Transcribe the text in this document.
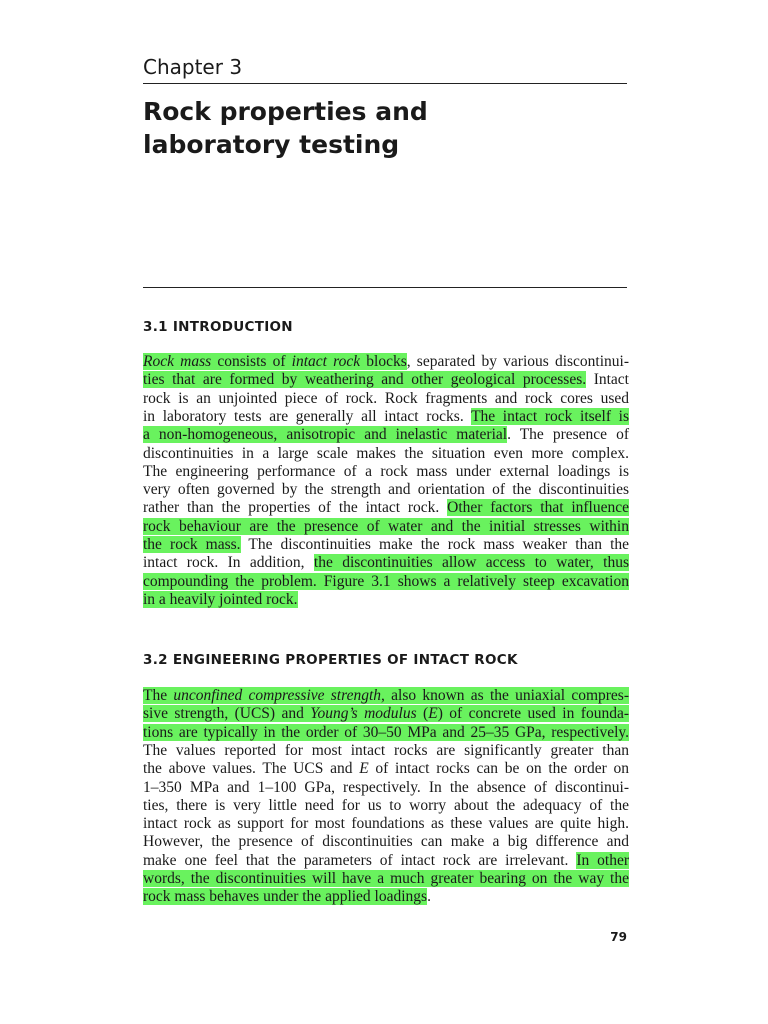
Chapter 3
Rock properties and
laboratory testing
3.1 INTRODUCTION
Rock mass consists of intact rock blocks, separated by various discontinui-
ties that are formed by weathering and other geological processes. Intact
rock is an unjointed piece of rock. Rock fragments and rock cores used
in laboratory tests are generally all intact rocks. The intact rock itself is
a non-homogeneous, anisotropic and inelastic material. The presence of
discontinuities in a large scale makes the situation even more complex.
The engineering performance of a rock mass under external loadings is
very often governed by the strength and orientation of the discontinuities
rather than the properties of the intact rock. Other factors that influence
rock behaviour are the presence of water and the initial stresses within
the rock mass. The discontinuities make the rock mass weaker than the
intact rock. In addition, the discontinuities allow access to water, thus
compounding the problem. Figure 3.1 shows a relatively steep excavation
in a heavily jointed rock.
3.2 ENGINEERING PROPERTIES OF INTACT ROCK
The unconfined compressive strength, also known as the uniaxial compres-
sive strength, (UCS) and Young’s modulus (E) of concrete used in founda-
tions are typically in the order of 30–50 MPa and 25–35 GPa, respectively.
The values reported for most intact rocks are significantly greater than
the above values. The UCS and E of intact rocks can be on the order on
1–350 MPa and 1–100 GPa, respectively. In the absence of discontinui-
ties, there is very little need for us to worry about the adequacy of the
intact rock as support for most foundations as these values are quite high.
However, the presence of discontinuities can make a big difference and
make one feel that the parameters of intact rock are irrelevant. In other
words, the discontinuities will have a much greater bearing on the way the
rock mass behaves under the applied loadings.
79
